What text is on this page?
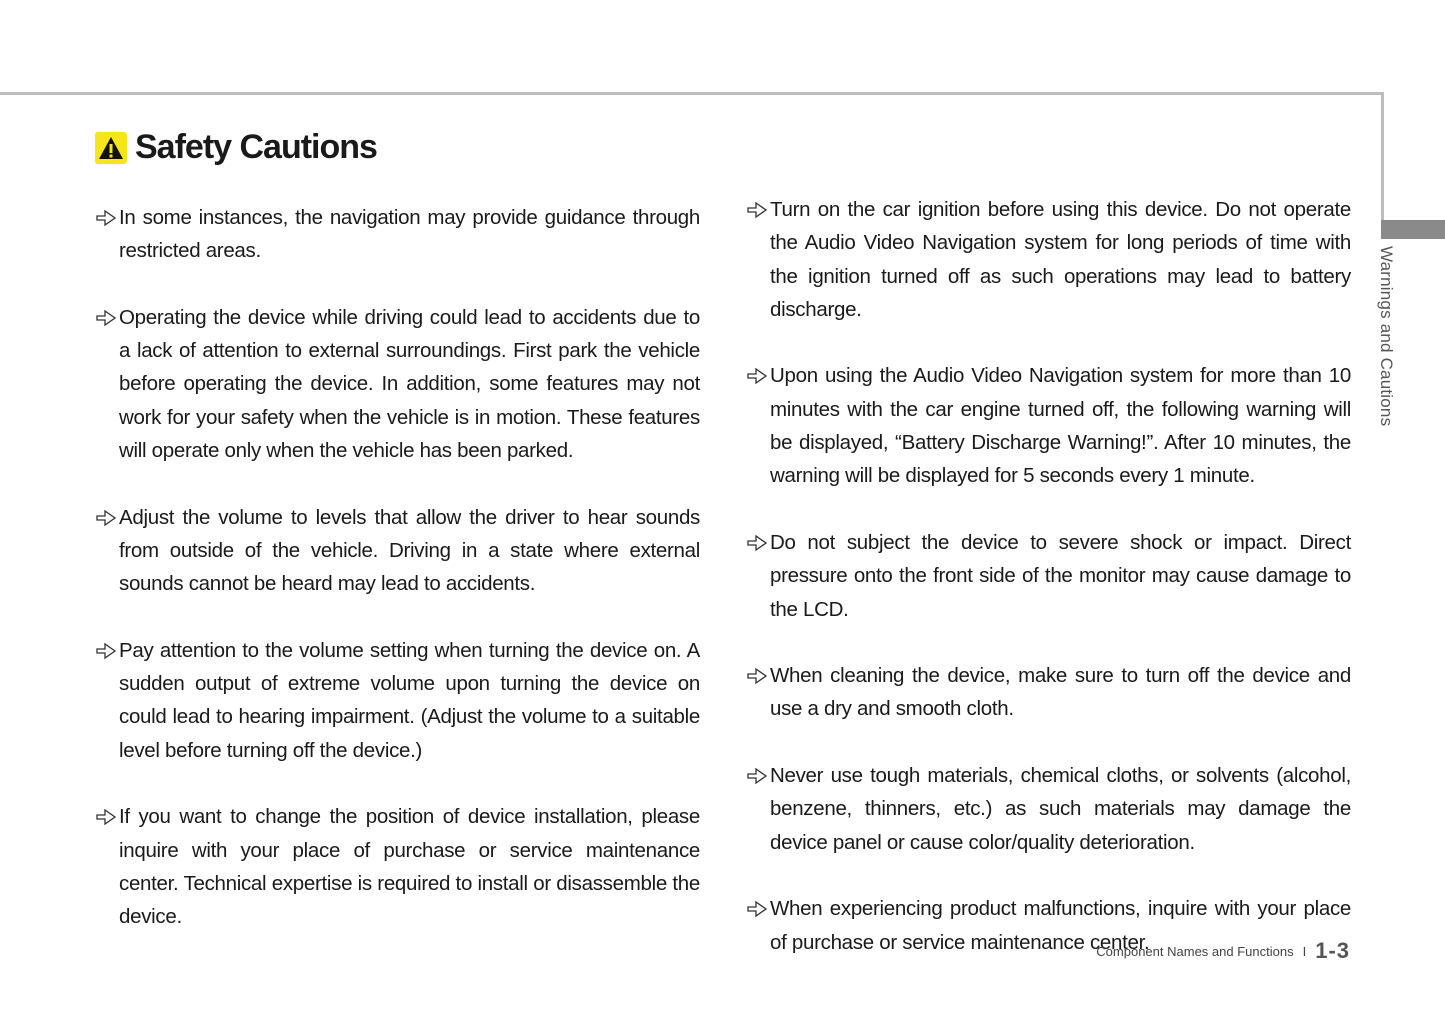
Warnings and Cautions
Safety Cautions
In some instances, the navigation may provide guidance through restricted areas.
Operating the device while driving could lead to accidents due to a lack of attention to external surroundings. First park the vehicle before operating the device. In addition, some features may not work for your safety when the vehicle is in motion. These features will operate only when the vehicle has been parked.
Adjust the volume to levels that allow the driver to hear sounds from outside of the vehicle. Driving in a state where external sounds cannot be heard may lead to accidents.
Pay attention to the volume setting when turning the device on. A sudden output of extreme volume upon turning the device on could lead to hearing impairment. (Adjust the volume to a suitable level before turning off the device.)
If you want to change the position of device installation, please inquire with your place of purchase or service maintenance center. Technical expertise is required to install or disassemble the device.
Turn on the car ignition before using this device. Do not operate the Audio Video Navigation system for long periods of time with the ignition turned off as such operations may lead to battery discharge.
Upon using the Audio Video Navigation system for more than 10 minutes with the car engine turned off, the following warning will be displayed, “Battery Discharge Warning!”. After 10 minutes, the warning will be displayed for 5 seconds every 1 minute.
Do not subject the device to severe shock or impact. Direct pressure onto the front side of the monitor may cause damage to the LCD.
When cleaning the device, make sure to turn off the device and use a dry and smooth cloth.
Never use tough materials, chemical cloths, or solvents (alcohol, benzene, thinners, etc.) as such materials may damage the device panel or cause color/quality deterioration.
When experiencing product malfunctions, inquire with your place of purchase or service maintenance center.
Component Names and Functions I 1-3
